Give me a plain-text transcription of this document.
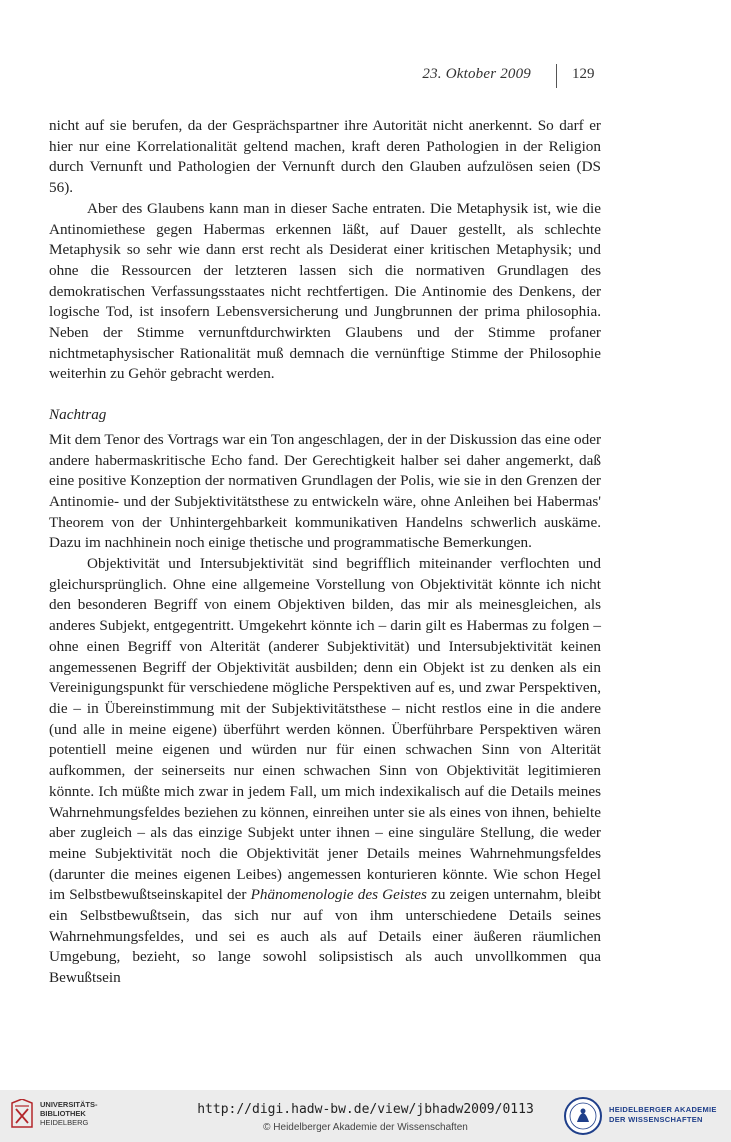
23. Oktober 2009	129

nicht auf sie berufen, da der Gesprächspartner ihre Autorität nicht anerkennt. So darf er hier nur eine Korrelationalität geltend machen, kraft deren Pathologien in der Religion durch Vernunft und Pathologien der Vernunft durch den Glauben aufzulösen seien (DS 56).

Aber des Glaubens kann man in dieser Sache entraten. Die Metaphysik ist, wie die Antinomiethese gegen Habermas erkennen läßt, auf Dauer gestellt, als schlechte Metaphysik so sehr wie dann erst recht als Desiderat einer kritischen Metaphysik; und ohne die Ressourcen der letzteren lassen sich die normativen Grundlagen des demokratischen Verfassungsstaates nicht rechtfertigen. Die Antinomie des Denkens, der logische Tod, ist insofern Lebensversicherung und Jungbrunnen der prima philosophia. Neben der Stimme vernunftdurchwirkten Glaubens und der Stimme profaner nichtmetaphysischer Rationalität muß demnach die vernünftige Stimme der Philosophie weiterhin zu Gehör gebracht werden.

Nachtrag

Mit dem Tenor des Vortrags war ein Ton angeschlagen, der in der Diskussion das eine oder andere habermaskritische Echo fand. Der Gerechtigkeit halber sei daher angemerkt, daß eine positive Konzeption der normativen Grundlagen der Polis, wie sie in den Grenzen der Antinomie- und der Subjektivitätsthese zu entwickeln wäre, ohne Anleihen bei Habermas' Theorem von der Unhintergehbarkeit kommunikativen Handelns schwerlich auskäme. Dazu im nachhinein noch einige thetische und programmatische Bemerkungen.

Objektivität und Intersubjektivität sind begrifflich miteinander verflochten und gleichursprünglich. Ohne eine allgemeine Vorstellung von Objektivität könnte ich nicht den besonderen Begriff von einem Objektiven bilden, das mir als meinesgleichen, als anderes Subjekt, entgegentritt. Umgekehrt könnte ich – darin gilt es Habermas zu folgen – ohne einen Begriff von Alterität (anderer Subjektivität) und Intersubjektivität keinen angemessenen Begriff der Objektivität ausbilden; denn ein Objekt ist zu denken als ein Vereinigungspunkt für verschiedene mögliche Perspektiven auf es, und zwar Perspektiven, die – in Übereinstimmung mit der Subjektivitätsthese – nicht restlos eine in die andere (und alle in meine eigene) überführt werden können. Überführbare Perspektiven wären potentiell meine eigenen und würden nur für einen schwachen Sinn von Alterität aufkommen, der seinerseits nur einen schwachen Sinn von Objektivität legitimieren könnte. Ich müßte mich zwar in jedem Fall, um mich indexikalisch auf die Details meines Wahrnehmungsfeldes beziehen zu können, einreihen unter sie als eines von ihnen, behielte aber zugleich – als das einzige Subjekt unter ihnen – eine singuläre Stellung, die weder meine Subjektivität noch die Objektivität jener Details meines Wahrnehmungsfeldes (darunter die meines eigenen Leibes) angemessen konturieren könnte. Wie schon Hegel im Selbstbewußtseinskapitel der Phänomenologie des Geistes zu zeigen unternahm, bleibt ein Selbstbewußtsein, das sich nur auf von ihm unterschiedene Details seines Wahrnehmungsfeldes, und sei es auch als auf Details einer äußeren räumlichen Umgebung, bezieht, so lange sowohl solipsistisch als auch unvollkommen qua Bewußtsein

UNIVERSITÄTS-
BIBLIOTHEK
HEIDELBERG
http://digi.hadw-bw.de/view/jbhadw2009/0113
© Heidelberger Akademie der Wissenschaften
HEIDELBERGER AKADEMIE
DER WISSENSCHAFTEN
